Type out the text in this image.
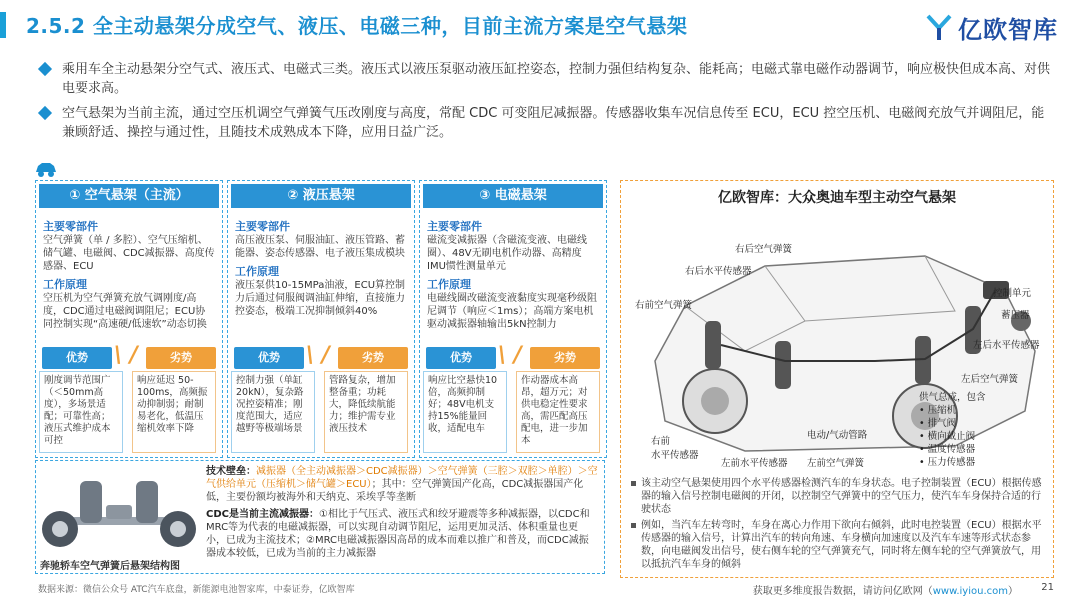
2.5.2 全主动悬架分成空气、液压、电磁三种，目前主流方案是空气悬架	亿欧智库
乘用车全主动悬架分空气式、液压式、电磁式三类。液压式以液压泵驱动液压缸控姿态，控制力强但结构复杂、能耗高；电磁式靠电磁作动器调节，响应极快但成本高、对供电要求高。
空气悬架为当前主流，通过空压机调空气弹簧气压改刚度与高度，常配 CDC 可变阻尼减振器。传感器收集车况信息传至 ECU，ECU 控空压机、电磁阀充放气并调阻尼，能兼顾舒适、操控与通过性，且随技术成熟成本下降，应用日益广泛。
① 空气悬架（主流）
主要零部件
空气弹簧（单 / 多腔）、空气压缩机、储气罐、电磁阀、CDC减振器、高度传感器、ECU
工作原理
空压机为空气弹簧充放气调刚度/高度，CDC通过电磁阀调阻尼；ECU协同控制实现“高速硬/低速软”动态切换
优势	\ /	劣势
刚度调节范围广（＜50mm高度），多场景适配；可靠性高；液压式维护成本可控
响应延迟 50-100ms，高频振动抑制弱；耐制易老化，低温压缩机效率下降
② 液压悬架
主要零部件
高压液压泵、伺服油缸、液压管路、蓄能器、姿态传感器、电子液压集成模块
工作原理
液压泵供10-15MPa油液，ECU算控制力后通过伺服阀调油缸伸缩，直接施力控姿态，极端工况抑制倾斜40%
优势	\ /	劣势
控制力强（单缸 20kN），复杂路况控姿精准；刚度范围大，适应越野等极端场景
管路复杂，增加整备重；功耗大，降低续航能力；维护需专业液压技术
③ 电磁悬架
主要零部件
磁流变减振器（含磁流变液、电磁线圈）、48V无刷电机作动器、高精度IMU惯性测量单元
工作原理
电磁线圈改磁流变液黏度实现毫秒级阻尼调节（响应＜1ms）；高端方案电机驱动减振器轴输出5kN控制力
优势	\ /	劣势
响应比空悬快10倍，高频抑制好；48V电机支持15%能量回收，适配电车
作动器成本高昂，超万元；对供电稳定性要求高，需匹配高压配电，进一步加本
奔驰轿车空气弹簧后悬架结构图

技术壁垒：减振器（全主动减振器＞CDC减振器）＞空气弹簧（三腔＞双腔＞单腔）＞空气供给单元（压缩机＞储气罐＞ECU）；其中：空气弹簧国产化高，CDC减振器国产化低，主要份额均被海外和天纳克、采埃孚等垄断

CDC是当前主流减振器：①相比于气压式、液压式和绞牙避震等多种减振器，以CDC和MRC等为代表的电磁减振器，可以实现自动调节阻尼，运用更加灵活、体积重量也更小，已成为主流技术；②MRC电磁减振器因高昂的成本而难以推广和普及，而CDC减振器成本较低，已成为当前的主力减振器

亿欧智库：大众奥迪车型主动空气悬架
右后空气弹簧
右后水平传感器
右前空气弹簧
控制单元
蓄压器
左后水平传感器
左后空气弹簧
右前
水平传感器
左前水平传感器 左前空气弹簧
电动/气动管路
供气总成，包含
• 压缩机
• 排气阀
• 横向截止阀
• 温度传感器
• 压力传感器
该主动空气悬架使用四个水平传感器检测汽车的车身状态。电子控制装置（ECU）根据传感器的输入信号控制电磁阀的开闭，以控制空气弹簧中的空气压力，使汽车车身保持合适的行驶状态
例如，当汽车左转弯时，车身在离心力作用下欲向右倾斜，此时电控装置（ECU）根据水平传感器的输入信号，计算出汽车的转向角速、车身横向加速度以及汽车车速等形式状态参数，向电磁阀发出信号，使右侧车轮的空气弹簧充气，同时将左侧车轮的空气弹簧放气，用以抵抗汽车车身的倾斜
数据来源：微信公众号 ATC汽车底盘，新能源电池智家库，中泰证券，亿欧智库	获取更多维度报告数据，请访问亿欧网（www.iyiou.com） 21
